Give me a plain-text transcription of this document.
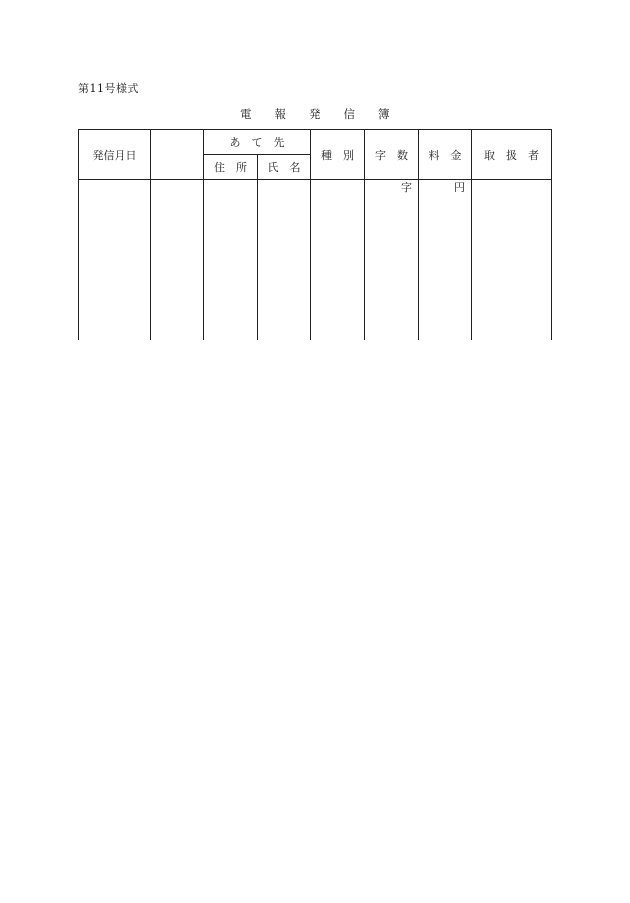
第11号様式
電　　報　　発　　信　　簿
発信月日		あ　て　先		種　別	字　数	料　金	取　扱　者
		住　所	氏　名				

					字	円	
